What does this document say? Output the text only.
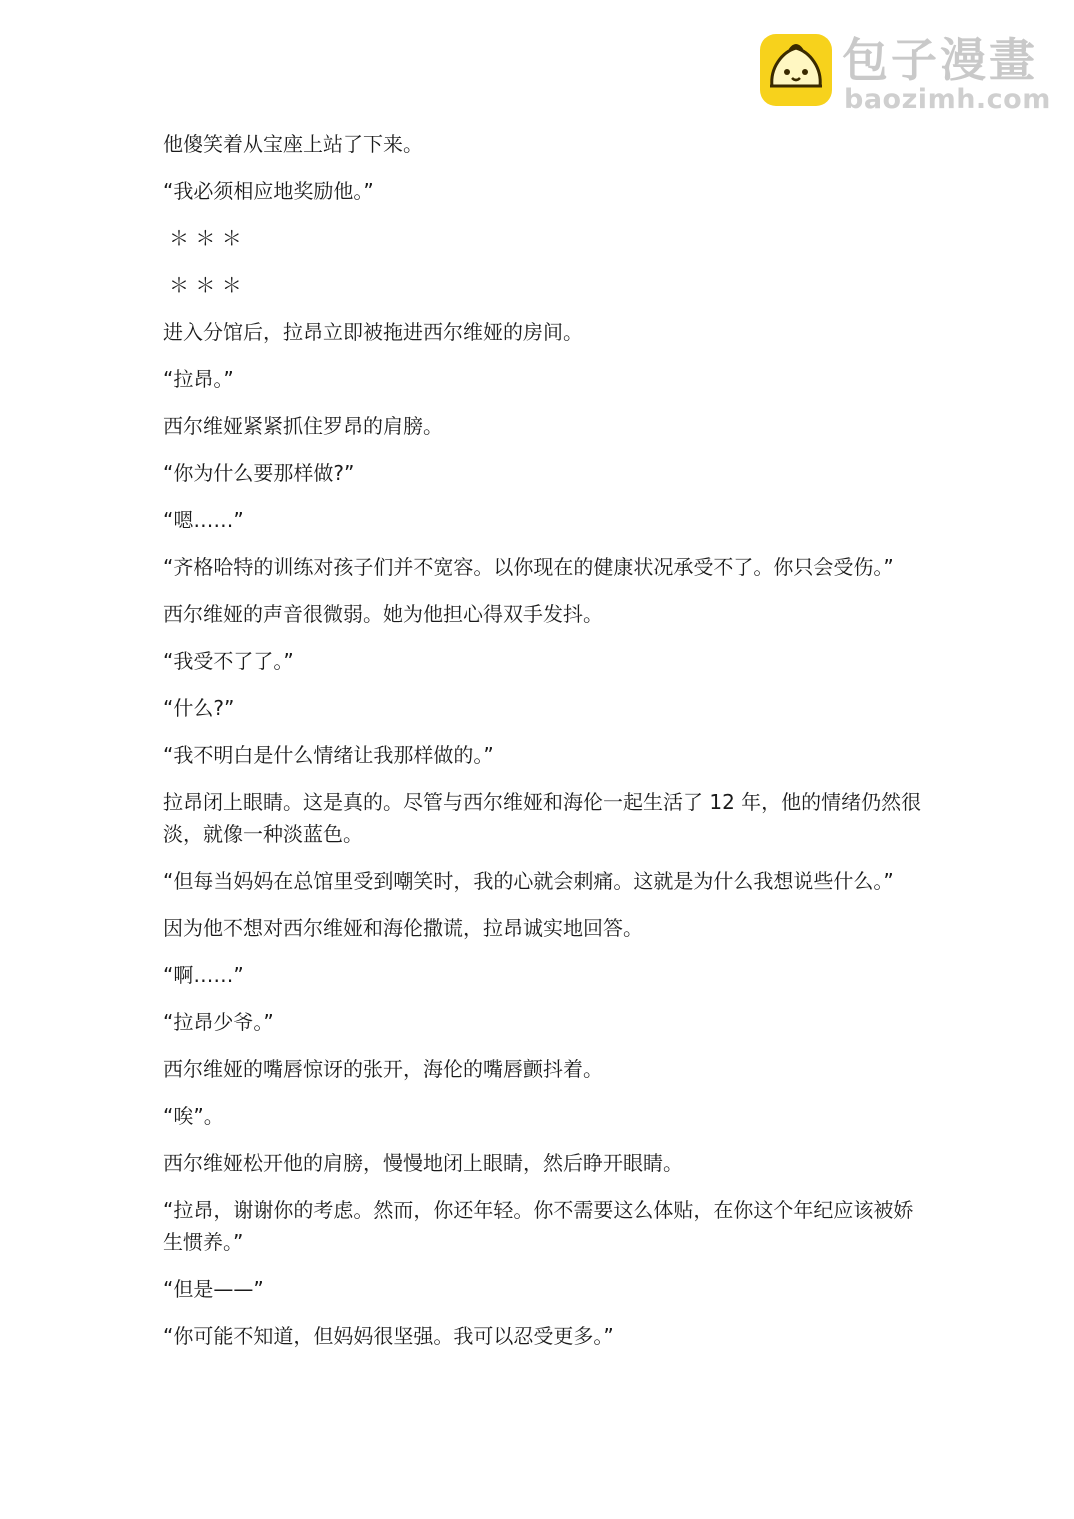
包子漫畫
baozimh.com

他傻笑着从宝座上站了下来。

“我必须相应地奖励他。”

＊ ＊ ＊

＊ ＊ ＊

进入分馆后，拉昂立即被拖进西尔维娅的房间。

“拉昂。”

西尔维娅紧紧抓住罗昂的肩膀。

“你为什么要那样做?”

“嗯……”

“齐格哈特的训练对孩子们并不宽容。以你现在的健康状况承受不了。你只会受伤。”

西尔维娅的声音很微弱。她为他担心得双手发抖。

“我受不了了。”

“什么?”

“我不明白是什么情绪让我那样做的。”

拉昂闭上眼睛。这是真的。尽管与西尔维娅和海伦一起生活了 12 年，他的情绪仍然很淡，就像一种淡蓝色。

“但每当妈妈在总馆里受到嘲笑时，我的心就会刺痛。这就是为什么我想说些什么。”

因为他不想对西尔维娅和海伦撒谎，拉昂诚实地回答。

“啊……”

“拉昂少爷。”

西尔维娅的嘴唇惊讶的张开，海伦的嘴唇颤抖着。

“唉”。

西尔维娅松开他的肩膀，慢慢地闭上眼睛，然后睁开眼睛。

“拉昂，谢谢你的考虑。然而，你还年轻。你不需要这么体贴，在你这个年纪应该被娇生惯养。”

“但是——”

“你可能不知道，但妈妈很坚强。我可以忍受更多。”
